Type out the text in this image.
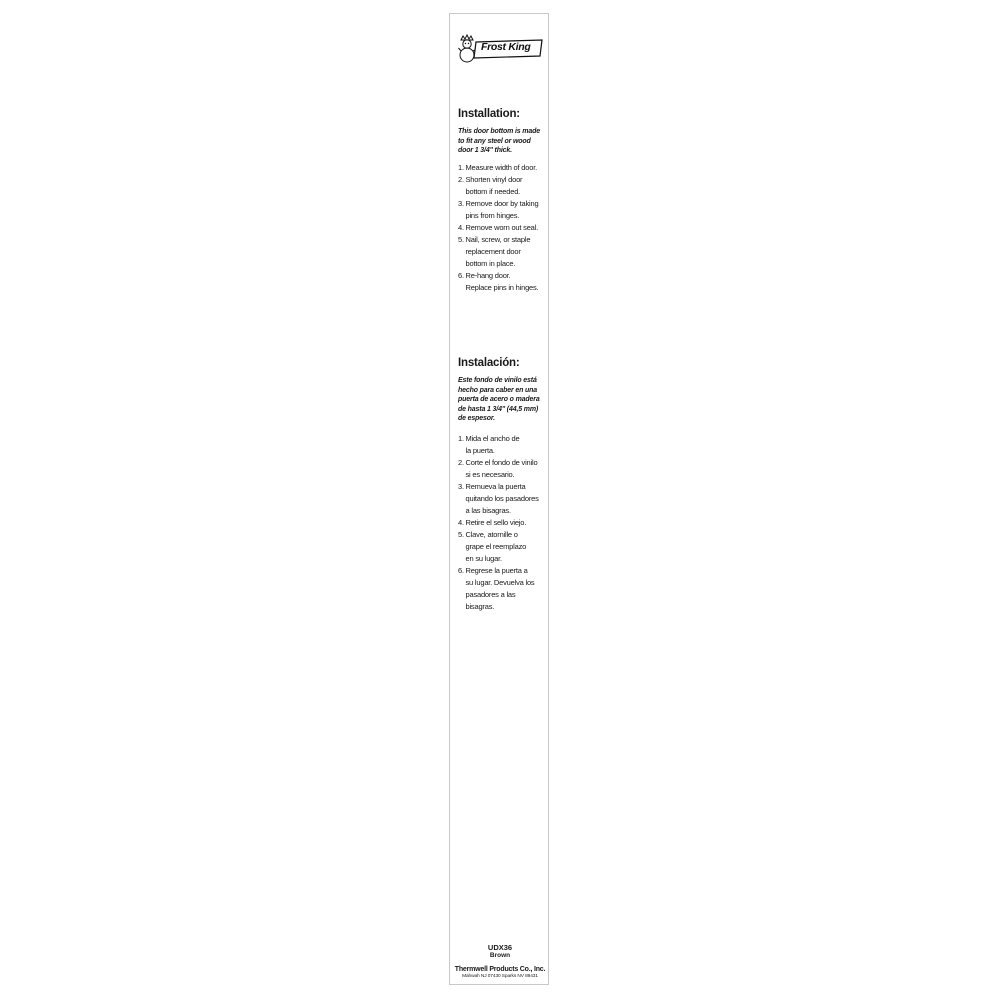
Frost King
Installation:
This door bottom is made to fit any steel or wood door 1 3/4" thick.
1. Measure width of door.
2. Shorten vinyl door
bottom if needed.
3. Remove door by taking
pins from hinges.
4. Remove worn out seal.
5. Nail, screw, or staple
replacement door
bottom in place.
6. Re-hang door.
Replace pins in hinges.
Instalación:
Este fondo de vinilo está hecho para caber en una puerta de acero o madera de hasta 1 3/4" (44,5 mm) de espesor.
1. Mida el ancho de
la puerta.
2. Corte el fondo de vinilo
si es necesario.
3. Remueva la puerta
quitando los pasadores
a las bisagras.
4. Retire el sello viejo.
5. Clave, atornille o
grape el reemplazo
en su lugar.
6. Regrese la puerta a
su lugar. Devuelva los
pasadores a las
bisagras.
UDX36
Brown
Thermwell Products Co., Inc.
Mahwah NJ 07430 Sparks NV 89431
